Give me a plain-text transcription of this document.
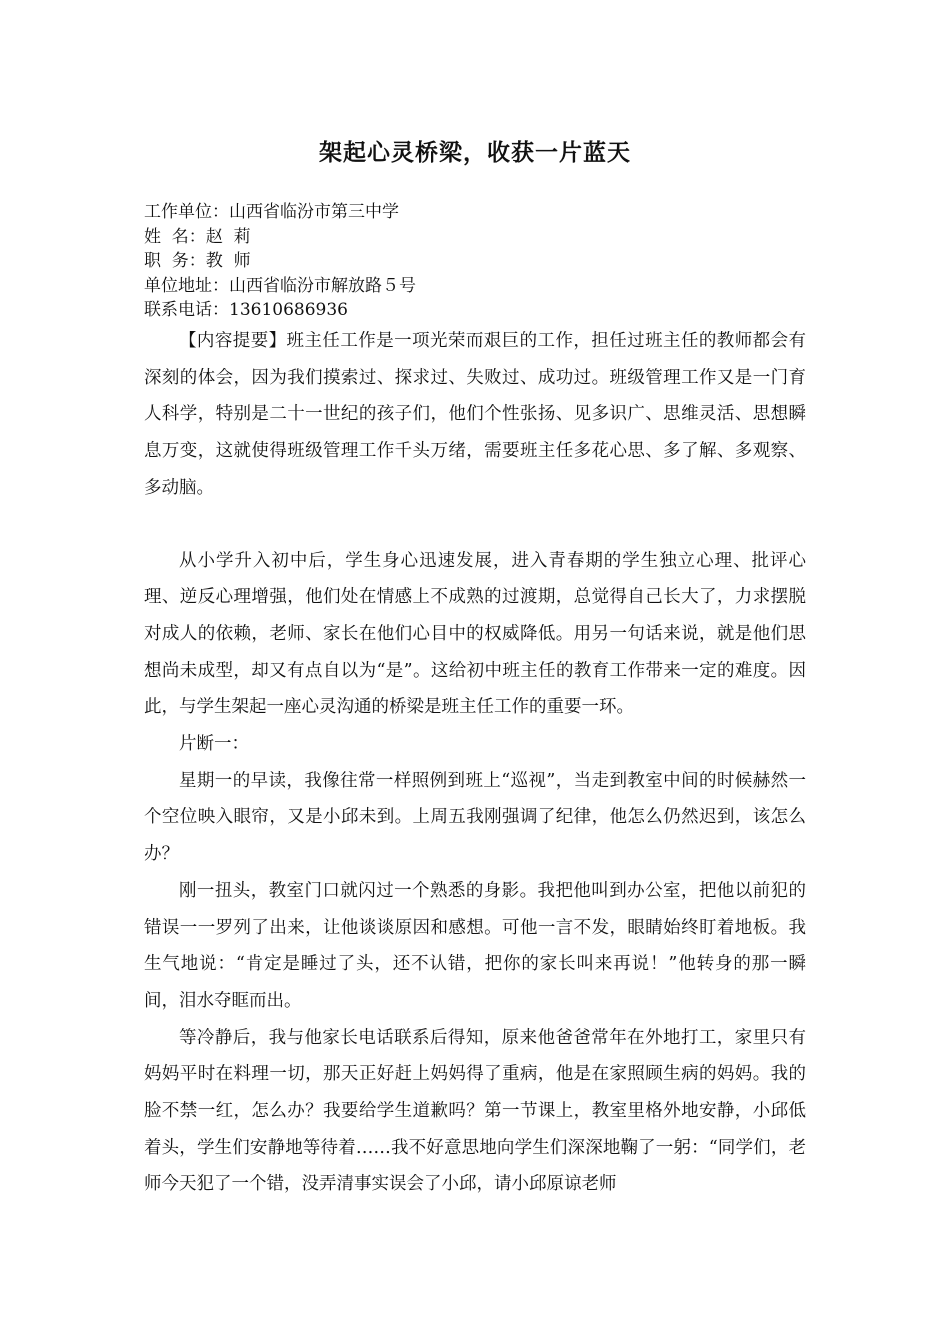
架起心灵桥梁，收获一片蓝天
工作单位：山西省临汾市第三中学
姓  名：赵  莉
职  务：教  师
单位地址：山西省临汾市解放路５号
联系电话：13610686936

【内容提要】班主任工作是一项光荣而艰巨的工作，担任过班主任的教师都会有深刻的体会，因为我们摸索过、探求过、失败过、成功过。班级管理工作又是一门育人科学，特别是二十一世纪的孩子们，他们个性张扬、见多识广、思维灵活、思想瞬息万变，这就使得班级管理工作千头万绪，需要班主任多花心思、多了解、多观察、多动脑。

从小学升入初中后，学生身心迅速发展，进入青春期的学生独立心理、批评心理、逆反心理增强，他们处在情感上不成熟的过渡期，总觉得自己长大了，力求摆脱对成人的依赖，老师、家长在他们心目中的权威降低。用另一句话来说，就是他们思想尚未成型，却又有点自以为“是”。这给初中班主任的教育工作带来一定的难度。因此，与学生架起一座心灵沟通的桥梁是班主任工作的重要一环。

片断一：

星期一的早读，我像往常一样照例到班上“巡视”，当走到教室中间的时候赫然一个空位映入眼帘，又是小邱未到。上周五我刚强调了纪律，他怎么仍然迟到，该怎么办？

刚一扭头，教室门口就闪过一个熟悉的身影。我把他叫到办公室，把他以前犯的错误一一罗列了出来，让他谈谈原因和感想。可他一言不发，眼睛始终盯着地板。我生气地说：“肯定是睡过了头，还不认错，把你的家长叫来再说！”他转身的那一瞬间，泪水夺眶而出。

等冷静后，我与他家长电话联系后得知，原来他爸爸常年在外地打工，家里只有妈妈平时在料理一切，那天正好赶上妈妈得了重病，他是在家照顾生病的妈妈。我的脸不禁一红，怎么办？我要给学生道歉吗？第一节课上，教室里格外地安静，小邱低着头，学生们安静地等待着……我不好意思地向学生们深深地鞠了一躬：“同学们，老师今天犯了一个错，没弄清事实误会了小邱，请小邱原谅老师
